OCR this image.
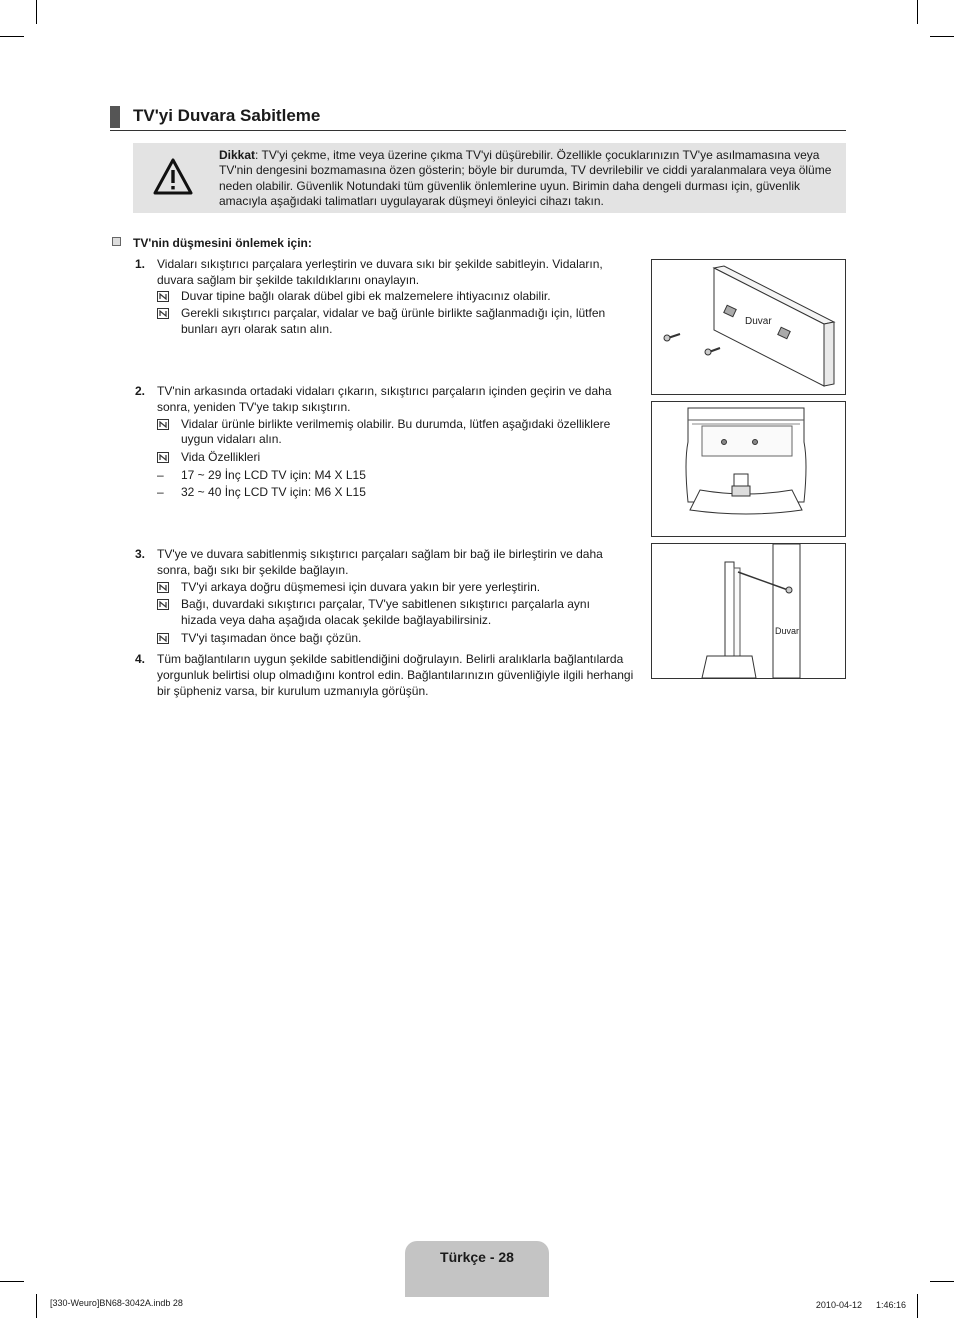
TV'yi Duvara Sabitleme
Dikkat: TV'yi çekme, itme veya üzerine çıkma TV'yi düşürebilir. Özellikle çocuklarınızın TV'ye asılmamasına veya TV'nin dengesini bozmamasına özen gösterin; böyle bir durumda, TV devrilebilir ve ciddi yaralanmalara veya ölüme neden olabilir. Güvenlik Notundaki tüm güvenlik önlemlerine uyun. Birimin daha dengeli durması için, güvenlik amacıyla aşağıdaki talimatları uygulayarak düşmeyi önleyici cihazı takın.
TV'nin düşmesini önlemek için:
1. Vidaları sıkıştırıcı parçalara yerleştirin ve duvara sıkı bir şekilde sabitleyin. Vidaların, duvara sağlam bir şekilde takıldıklarını onaylayın.
Duvar tipine bağlı olarak dübel gibi ek malzemelere ihtiyacınız olabilir.
Gerekli sıkıştırıcı parçalar, vidalar ve bağ ürünle birlikte sağlanmadığı için, lütfen bunları ayrı olarak satın alın.
2. TV'nin arkasında ortadaki vidaları çıkarın, sıkıştırıcı parçaların içinden geçirin ve daha sonra, yeniden TV'ye takıp sıkıştırın.
Vidalar ürünle birlikte verilmemiş olabilir. Bu durumda, lütfen aşağıdaki özelliklere uygun vidaları alın.
Vida Özellikleri
– 17 ~ 29 İnç LCD TV için: M4 X L15
– 32 ~ 40 İnç LCD TV için: M6 X L15
3. TV'ye ve duvara sabitlenmiş sıkıştırıcı parçaları sağlam bir bağ ile birleştirin ve daha sonra, bağı sıkı bir şekilde bağlayın.
TV'yi arkaya doğru düşmemesi için duvara yakın bir yere yerleştirin.
Bağı, duvardaki sıkıştırıcı parçalar, TV'ye sabitlenen sıkıştırıcı parçalarla aynı hizada veya daha aşağıda olacak şekilde bağlayabilirsiniz.
TV'yi taşımadan önce bağı çözün.
4. Tüm bağlantıların uygun şekilde sabitlendiğini doğrulayın. Belirli aralıklarla bağlantılarda yorgunluk belirtisi olup olmadığını kontrol edin. Bağlantılarınızın güvenliğiyle ilgili herhangi bir şüpheniz varsa, bir kurulum uzmanıyla görüşün.
Duvar
Duvar
Türkçe - 28
[330-Weuro]BN68-3042A.indb 28	2010-04-12 　 1:46:16
